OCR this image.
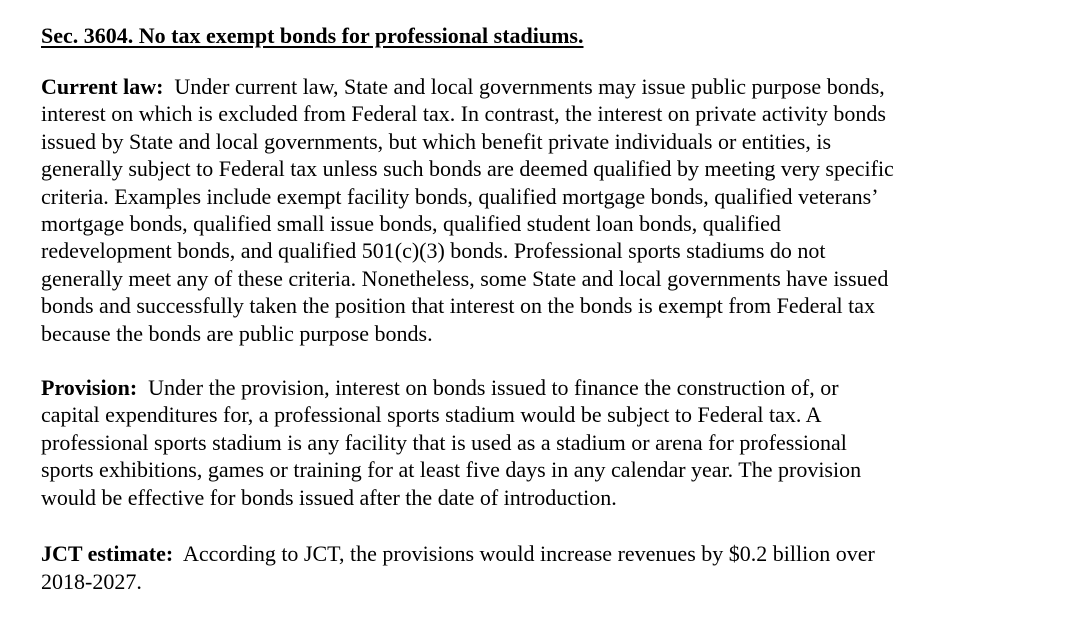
Sec. 3604. No tax exempt bonds for professional stadiums.

Current law:  Under current law, State and local governments may issue public purpose bonds,
interest on which is excluded from Federal tax. In contrast, the interest on private activity bonds
issued by State and local governments, but which benefit private individuals or entities, is
generally subject to Federal tax unless such bonds are deemed qualified by meeting very specific
criteria. Examples include exempt facility bonds, qualified mortgage bonds, qualified veterans’
mortgage bonds, qualified small issue bonds, qualified student loan bonds, qualified
redevelopment bonds, and qualified 501(c)(3) bonds. Professional sports stadiums do not
generally meet any of these criteria. Nonetheless, some State and local governments have issued
bonds and successfully taken the position that interest on the bonds is exempt from Federal tax
because the bonds are public purpose bonds.

Provision:  Under the provision, interest on bonds issued to finance the construction of, or
capital expenditures for, a professional sports stadium would be subject to Federal tax. A
professional sports stadium is any facility that is used as a stadium or arena for professional
sports exhibitions, games or training for at least five days in any calendar year. The provision
would be effective for bonds issued after the date of introduction.

JCT estimate:  According to JCT, the provisions would increase revenues by $0.2 billion over
2018-2027.
